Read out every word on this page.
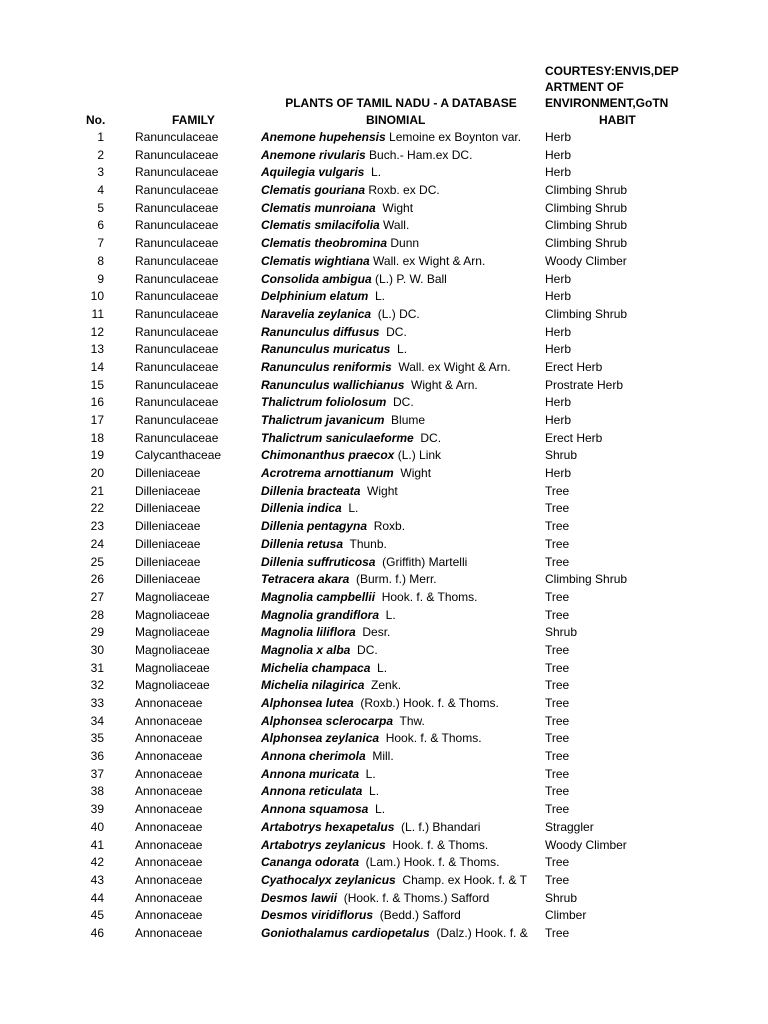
COURTESY:ENVIS,DEP
ARTMENT OF
ENVIRONMENT,GoTN
PLANTS OF TAMIL NADU - A DATABASE
No.	FAMILY	BINOMIAL	HABIT
1	Ranunculaceae	Anemone hupehensis Lemoine ex Boynton var.	Herb
2	Ranunculaceae	Anemone rivularis Buch.- Ham.ex DC.	Herb
3	Ranunculaceae	Aquilegia vulgaris  L.	Herb
4	Ranunculaceae	Clematis gouriana Roxb. ex DC.	Climbing Shrub
5	Ranunculaceae	Clematis munroiana  Wight	Climbing Shrub
6	Ranunculaceae	Clematis smilacifolia Wall.	Climbing Shrub
7	Ranunculaceae	Clematis theobromina Dunn	Climbing Shrub
8	Ranunculaceae	Clematis wightiana Wall. ex Wight & Arn.	Woody Climber
9	Ranunculaceae	Consolida ambigua (L.) P. W. Ball	Herb
10	Ranunculaceae	Delphinium elatum  L.	Herb
11	Ranunculaceae	Naravelia zeylanica  (L.) DC.	Climbing Shrub
12	Ranunculaceae	Ranunculus diffusus  DC.	Herb
13	Ranunculaceae	Ranunculus muricatus  L.	Herb
14	Ranunculaceae	Ranunculus reniformis  Wall. ex Wight & Arn.	Erect Herb
15	Ranunculaceae	Ranunculus wallichianus  Wight & Arn.	Prostrate Herb
16	Ranunculaceae	Thalictrum foliolosum  DC.	Herb
17	Ranunculaceae	Thalictrum javanicum  Blume	Herb
18	Ranunculaceae	Thalictrum saniculaeforme  DC.	Erect Herb
19	Calycanthaceae	Chimonanthus praecox (L.) Link	Shrub
20	Dilleniaceae	Acrotrema arnottianum  Wight	Herb
21	Dilleniaceae	Dillenia bracteata  Wight	Tree
22	Dilleniaceae	Dillenia indica  L.	Tree
23	Dilleniaceae	Dillenia pentagyna  Roxb.	Tree
24	Dilleniaceae	Dillenia retusa  Thunb.	Tree
25	Dilleniaceae	Dillenia suffruticosa  (Griffith) Martelli	Tree
26	Dilleniaceae	Tetracera akara  (Burm. f.) Merr.	Climbing Shrub
27	Magnoliaceae	Magnolia campbellii  Hook. f. & Thoms.	Tree
28	Magnoliaceae	Magnolia grandiflora  L.	Tree
29	Magnoliaceae	Magnolia liliflora  Desr.	Shrub
30	Magnoliaceae	Magnolia x alba  DC.	Tree
31	Magnoliaceae	Michelia champaca  L.	Tree
32	Magnoliaceae	Michelia nilagirica  Zenk.	Tree
33	Annonaceae	Alphonsea lutea  (Roxb.) Hook. f. & Thoms.	Tree
34	Annonaceae	Alphonsea sclerocarpa  Thw.	Tree
35	Annonaceae	Alphonsea zeylanica  Hook. f. & Thoms.	Tree
36	Annonaceae	Annona cherimola  Mill.	Tree
37	Annonaceae	Annona muricata  L.	Tree
38	Annonaceae	Annona reticulata  L.	Tree
39	Annonaceae	Annona squamosa  L.	Tree
40	Annonaceae	Artabotrys hexapetalus  (L. f.) Bhandari	Straggler
41	Annonaceae	Artabotrys zeylanicus  Hook. f. & Thoms.	Woody Climber
42	Annonaceae	Cananga odorata  (Lam.) Hook. f. & Thoms.	Tree
43	Annonaceae	Cyathocalyx zeylanicus  Champ. ex Hook. f. & T	Tree
44	Annonaceae	Desmos lawii  (Hook. f. & Thoms.) Safford	Shrub
45	Annonaceae	Desmos viridiflorus  (Bedd.) Safford	Climber
46	Annonaceae	Goniothalamus cardiopetalus  (Dalz.) Hook. f. &	Tree
